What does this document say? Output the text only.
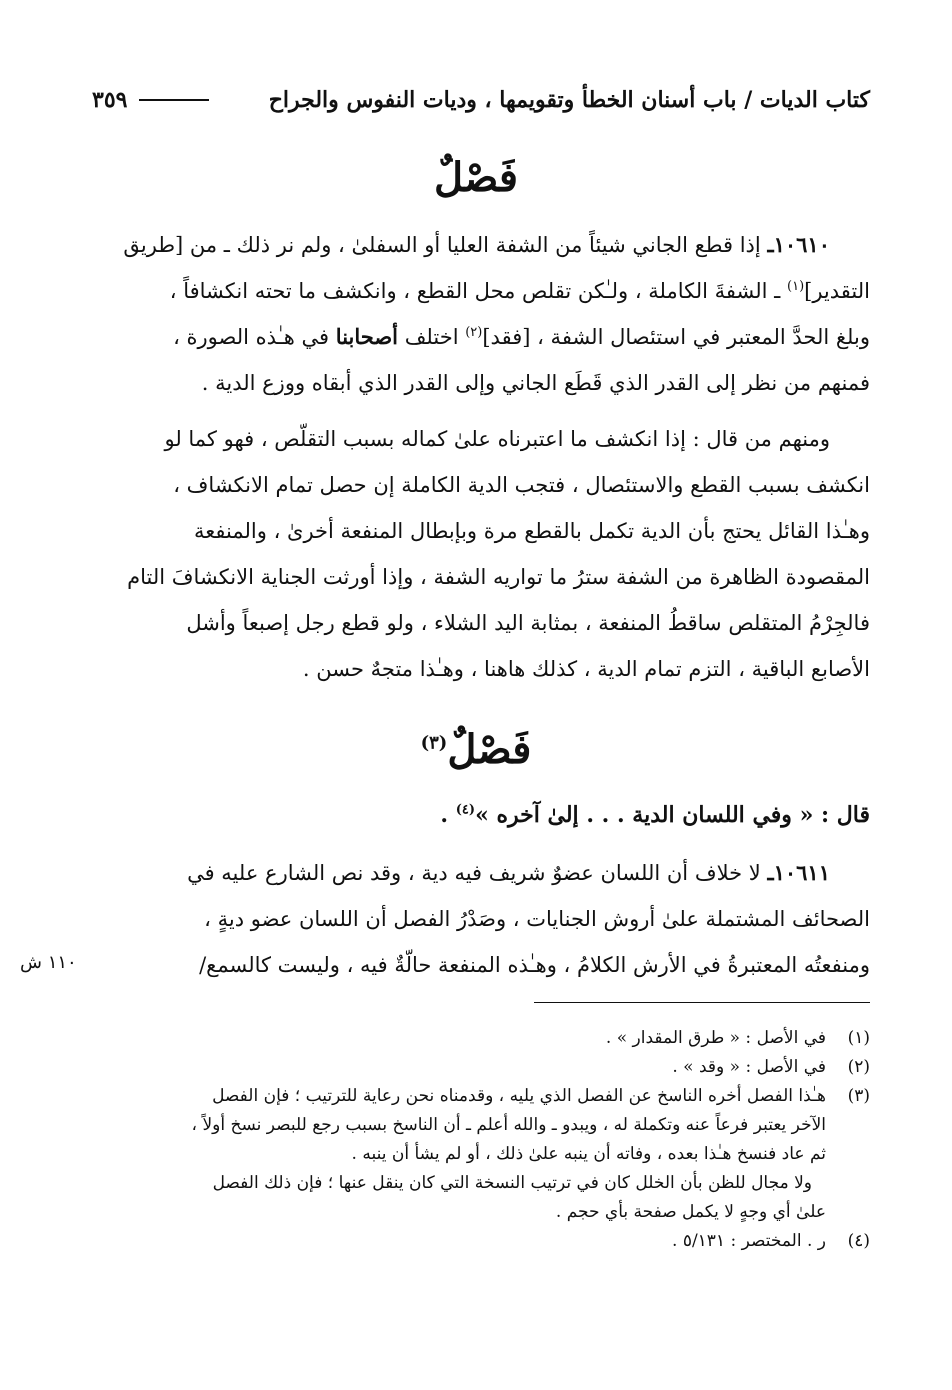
كتاب الديات / باب أسنان الخطأ وتقويمها ، وديات النفوس والجراح
٣٥٩
فَصْلٌ

١٠٦١٠ـ إذا قطع الجاني شيئاً من الشفة العليا أو السفلىٰ ، ولم نر ذلك ـ من [طريق

التقدير]$^{(١)}$ ـ الشفةَ الكاملة ، ولـٰكن تقلص محل القطع ، وانكشف ما تحته انكشافاً ،

وبلغ الحدَّ المعتبر في استئصال الشفة ، [فقد]$^{(٢)}$ اختلف أصحابنا في هـٰذه الصورة ،

فمنهم من نظر إلى القدر الذي قَطَع الجاني وإلى القدر الذي أبقاه ووزع الدية .

ومنهم من قال : إذا انكشف ما اعتبرناه علىٰ كماله بسبب التقلّص ، فهو كما لو

انكشف بسبب القطع والاستئصال ، فتجب الدية الكاملة إن حصل تمام الانكشاف ،

وهـٰذا القائل يحتج بأن الدية تكمل بالقطع مرة وبإبطال المنفعة أخرىٰ ، والمنفعة

المقصودة الظاهرة من الشفة سترُ ما تواريه الشفة ، وإذا أورثت الجناية الانكشافَ التام

فالجِرْمُ المتقلص ساقطُ المنفعة ، بمثابة اليد الشلاء ، ولو قطع رجل إصبعاً وأشل

الأصابع الباقية ، التزم تمام الدية ، كذلك هاهنا ، وهـٰذا متجهٌ حسن .

فَصْلٌ$^{(٣)}$
قال : « وفي اللسان الدية . . . إلىٰ آخره »$^{(٤)}$ .

١٠٦١١ـ لا خلاف أن اللسان عضوٌ شريف فيه دية ، وقد نص الشارع عليه في

الصحائف المشتملة علىٰ أروش الجنايات ، وصَدْرُ الفصل أن اللسان عضو ديةٍ ،

ومنفعتُه المعتبرةُ في الأرش الكلامُ ، وهـٰذه المنفعة حالّةٌ فيه ، وليست كالسمع/

١١٠ ش
(١)
في الأصل : « طرق المقدار » .
(٢)
في الأصل : « وقد » .
(٣)
هـٰذا الفصل أخره الناسخ عن الفصل الذي يليه ، وقدمناه نحن رعاية للترتيب ؛ فإن الفصل
الآخر يعتبر فرعاً عنه وتكملة له ، ويبدو ـ والله أعلم ـ أن الناسخ بسبب رجع للبصر نسخ أولاً ،
ثم عاد فنسخ هـٰذا بعده ، وفاته أن ينبه علىٰ ذلك ، أو لم يشأ أن ينبه .
ولا مجال للظن بأن الخلل كان في ترتيب النسخة التي كان ينقل عنها ؛ فإن ذلك الفصل
علىٰ أي وجهٍ لا يكمل صفحة بأي حجم .
(٤)
ر . المختصر : ٥/١٣١ .
